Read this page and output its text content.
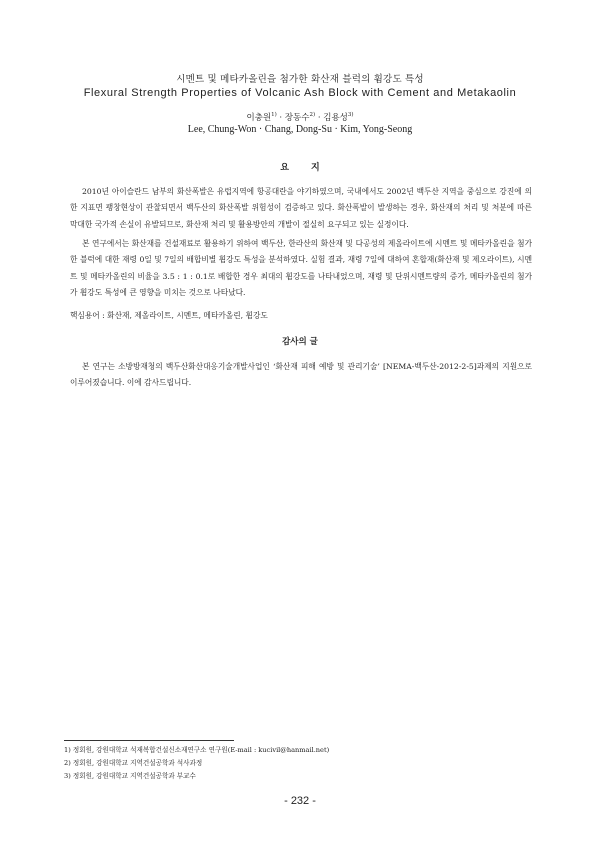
시멘트 및 메타카올린을 첨가한 화산재 블럭의 휨강도 특성
Flexural Strength Properties of Volcanic Ash Block with Cement and Metakaolin
이충원$^{1)}$ · 장동수$^{2)}$ · 김용성$^{3)}$
Lee, Chung-Won · Chang, Dong-Su · Kim, Yong-Seong
요지

2010년 아이슬란드 남부의 화산폭발은 유럽지역에 항공대란을 야기하였으며, 국내에서도 2002년 백두산 지역을 중심으로 강진에 의한 지표면 팽창현상이 관찰되면서 백두산의 화산폭발 위험성이 검증하고 있다. 화산폭발이 발생하는 경우, 화산재의 처리 및 처분에 따른 막대한 국가적 손실이 유발되므로, 화산재 처리 및 활용방안의 개발이 절실히 요구되고 있는 실정이다.

본 연구에서는 화산재를 건설재료로 활용하기 위하여 백두산, 한라산의 화산재 및 다공성의 제올라이트에 시멘트 및 메타카올린을 첨가한 블럭에 대한 재령 0일 및 7일의 배합비별 휨강도 특성을 분석하였다. 실험 결과, 재령 7일에 대하여 혼합재(화산재 및 제오라이트), 시멘트 및 메타카올린의 비율을 3.5 : 1 : 0.1로 배합한 경우 최대의 휨강도를 나타내었으며, 재령 및 단위시멘트량의 증가, 메타카올린의 첨가가 휨강도 특성에 큰 영향을 미치는 것으로 나타났다.

핵심용어 : 화산재, 제올라이트, 시멘트, 메타카올린, 휨강도

감사의 글

본 연구는 소방방재청의 백두산화산대응기술개발사업인 ‘화산재 피해 예방 및 관리기술’ [NEMA-백두산-2012-2-5]과제의 지원으로 이루어졌습니다. 이에 감사드립니다.

1) 정회원, 강원대학교 석재복합건설신소재연구소 연구원(E-mail : kucivil@hanmail.net)
2) 정회원, 강원대학교 지역건설공학과 석사과정
3) 정회원, 강원대학교 지역건설공학과 부교수
- 232 -
